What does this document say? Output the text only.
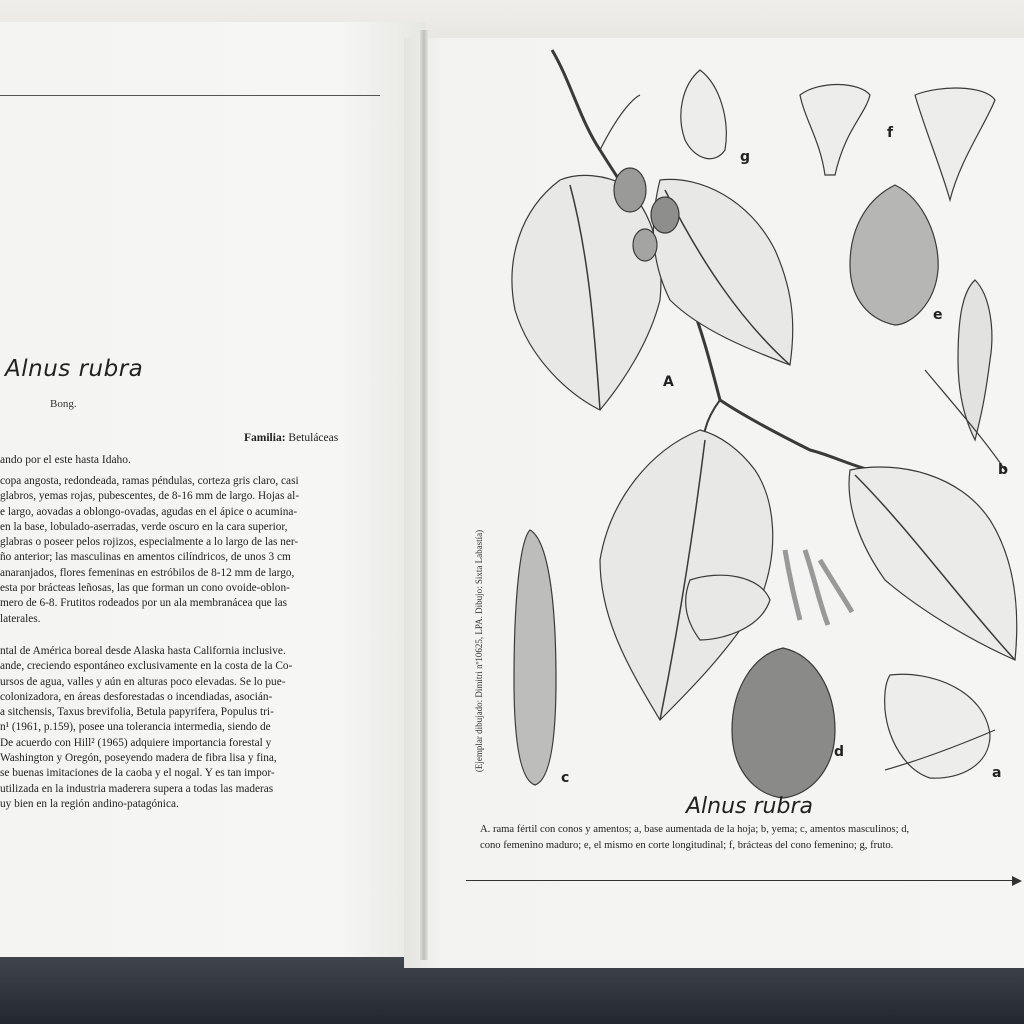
Alnus rubra
Bong.
Familia: Betuláceas
ando por el este hasta Idaho.
copa angosta, redondeada, ramas péndulas, corteza gris claro, casi
glabros, yemas rojas, pubescentes, de 8-16 mm de largo. Hojas al-
e largo, aovadas a oblongo-ovadas, agudas en el ápice o acumina-
en la base, lobulado-aserradas, verde oscuro en la cara superior,
glabras o poseer pelos rojizos, especialmente a lo largo de las ner-
ño anterior; las masculinas en amentos cilíndricos, de unos 3 cm
anaranjados, flores femeninas en estróbilos de 8-12 mm de largo,
esta por brácteas leñosas, las que forman un cono ovoide-oblon-
mero de 6-8. Frutitos rodeados por un ala membranácea que las
laterales.
ntal de América boreal desde Alaska hasta California inclusive.
ande, creciendo espontáneo exclusivamente en la costa de la Co-
ursos de agua, valles y aún en alturas poco elevadas. Se lo pue-
colonizadora, en áreas desforestadas o incendiadas, asocián-
a sitchensis, Taxus brevifolia, Betula papyrifera, Populus tri-
n¹ (1961, p.159), posee una tolerancia intermedia, siendo de
De acuerdo con Hill² (1965) adquiere importancia forestal y
Washington y Oregón, poseyendo madera de fibra lisa y fina,
se buenas imitaciones de la caoba y el nogal. Y es tan impor-
utilizada en la industria maderera supera a todas las maderas
uy bien en la región andino-patagónica.
A
a
b
c
d
e
f
g
(Ejemplar dibujado: Dimitri nº10625, LPA. Dibujo: Sixta Labastía)
Alnus rubra
A. rama fértil con conos y amentos; a, base aumentada de la hoja; b, yema; c, amentos masculinos; d,
cono femenino maduro; e, el mismo en corte longitudinal; f, brácteas del cono femenino; g, fruto.
